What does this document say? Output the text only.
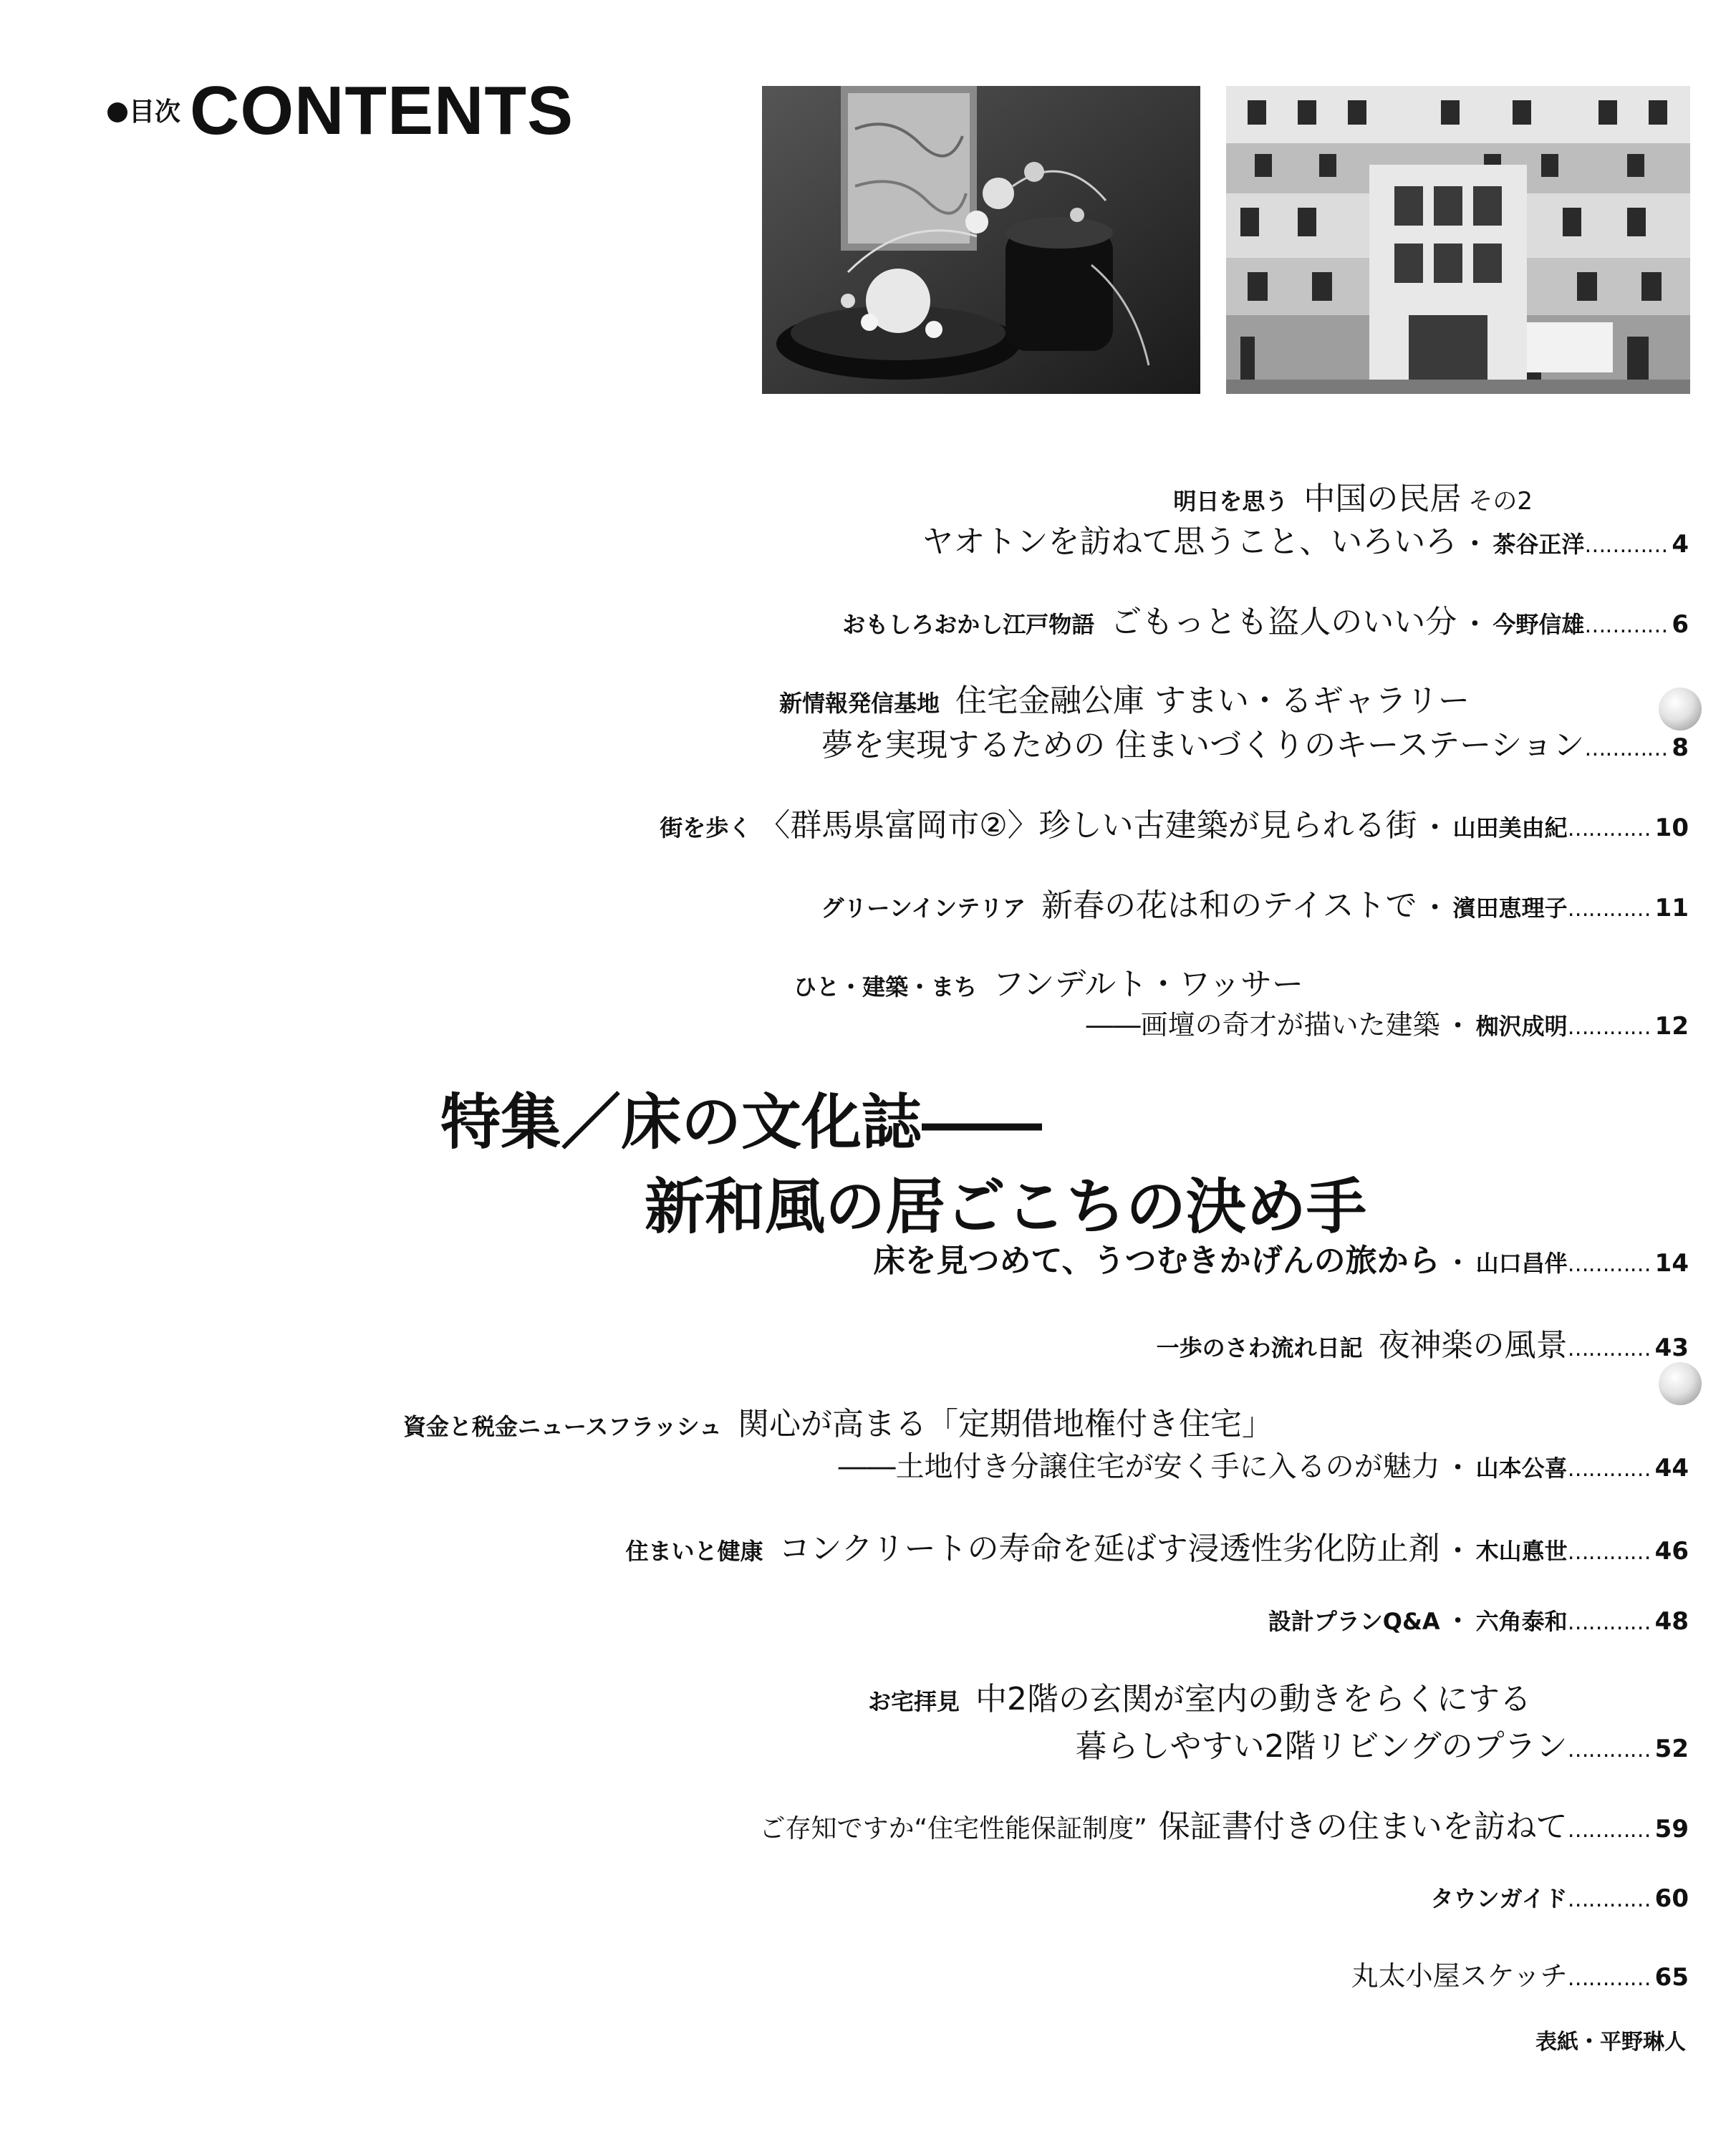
目次 CONTENTS
明日を思う 中国の民居 その2
ヤオトンを訪ねて思うこと、いろいろ ・ 茶谷正洋 ………… 4
おもしろおかし江戸物語 ごもっとも盗人のいい分 ・ 今野信雄 ………… 6
新情報発信基地 住宅金融公庫 すまい・るギャラリー
夢を実現するための 住まいづくりのキーステーション ………… 8
街を歩く 〈群馬県富岡市②〉珍しい古建築が見られる街 ・ 山田美由紀 ………… 10
グリーンインテリア 新春の花は和のテイストで ・ 濱田恵理子 ………… 11
ひと・建築・まち フンデルト・ワッサー
――画壇の奇才が描いた建築 ・ 椥沢成明 ………… 12
特集／床の文化誌――
新和風の居ごこちの決め手
床を見つめて、うつむきかげんの旅から ・ 山口昌伴 ………… 14
一歩のさわ流れ日記 夜神楽の風景 ………… 43
資金と税金ニュースフラッシュ 関心が高まる「定期借地権付き住宅」
――土地付き分譲住宅が安く手に入るのが魅力 ・ 山本公喜 ………… 44
住まいと健康 コンクリートの寿命を延ばす浸透性劣化防止剤 ・ 木山悳世 ………… 46
設計プランQ&A ・ 六角泰和 ………… 48
お宅拝見 中2階の玄関が室内の動きをらくにする
暮らしやすい2階リビングのプラン ………… 52
ご存知ですか“住宅性能保証制度” 保証書付きの住まいを訪ねて ………… 59
タウンガイド ………… 60
丸太小屋スケッチ ………… 65
表紙・平野琳人
